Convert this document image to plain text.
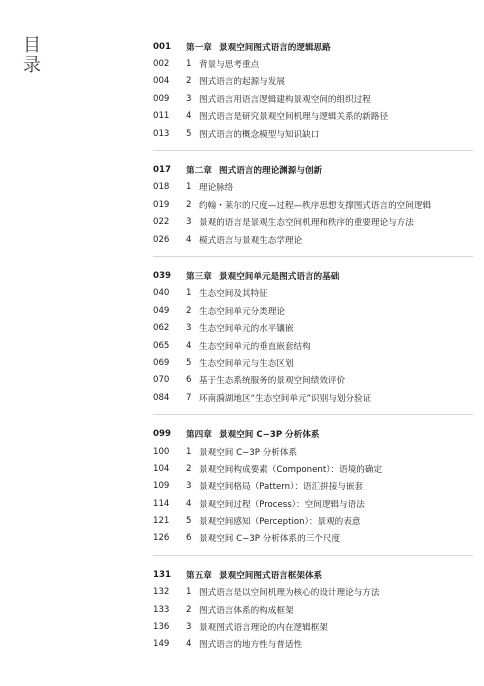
目
录
001	第一章 景观空间图式语言的逻辑思路
002	1 背景与思考重点
004	2 图式语言的起源与发展
009	3 图式语言用语言逻辑建构景观空间的组织过程
011	4 图式语言是研究景观空间机理与逻辑关系的新路径
013	5 图式语言的概念模型与知识缺口
017	第二章 图式语言的理论渊源与创新
018	1 理论脉络
019	2 约翰・莱尔的尺度—过程—秩序思想支撑图式语言的空间逻辑
022	3 景观的语言是景观生态空间机理和秩序的重要理论与方法
026	4 模式语言与景观生态学理论
039	第三章 景观空间单元是图式语言的基础
040	1 生态空间及其特征
049	2 生态空间单元分类理论
062	3 生态空间单元的水平镶嵌
065	4 生态空间单元的垂直嵌套结构
069	5 生态空间单元与生态区划
070	6 基于生态系统服务的景观空间绩效评价
084	7 环南漪湖地区“生态空间单元”识别与划分验证
099	第四章 景观空间 C−3P 分析体系
100	1 景观空间 C−3P 分析体系
104	2 景观空间构成要素（Component）：语境的确定
109	3 景观空间格局（Pattern）：语汇拼接与嵌套
114	4 景观空间过程（Process）：空间逻辑与语法
121	5 景观空间感知（Perception）：景观的表意
126	6 景观空间 C−3P 分析体系的三个尺度
131	第五章 景观空间图式语言框架体系
132	1 图式语言是以空间机理为核心的设计理论与方法
133	2 图式语言体系的构成框架
136	3 景观图式语言理论的内在逻辑框架
149	4 图式语言的地方性与普适性
